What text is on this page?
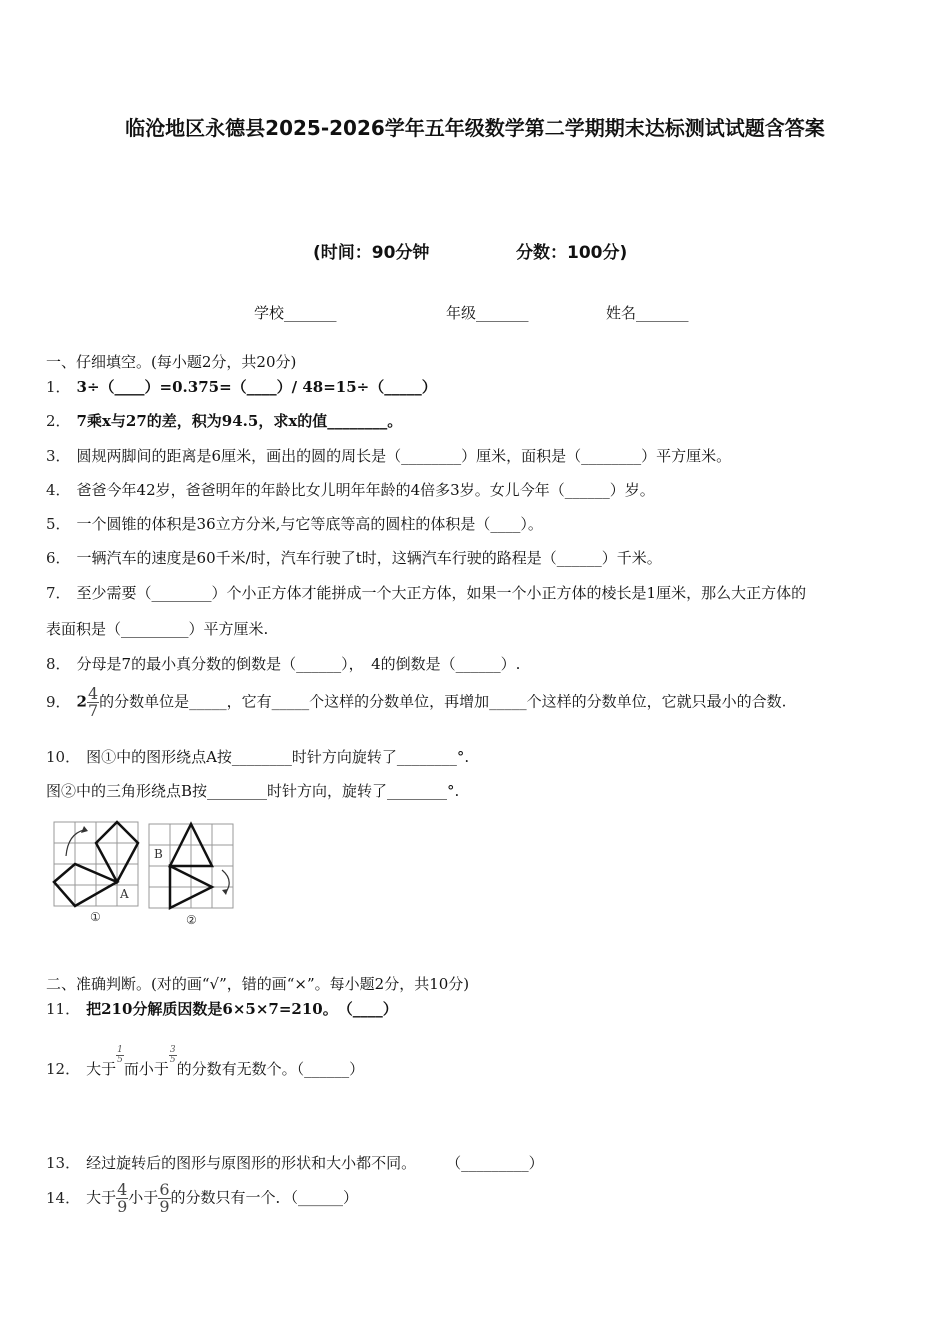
临沧地区永德县2025-2026学年五年级数学第二学期期末达标测试试题含答案
(时间：90分钟	分数：100分)
学校_______	年级_______	姓名_______
一、仔细填空。(每小题2分，共20分)
1． 3÷（____）=0.375=（____）/ 48=15÷（_____）
2． 7乘x与27的差，积为94.5，求x的值________。
3． 圆规两脚间的距离是6厘米，画出的圆的周长是（________）厘米，面积是（________）平方厘米。
4． 爸爸今年42岁，爸爸明年的年龄比女儿明年年龄的4倍多3岁。女儿今年（______）岁。
5． 一个圆锥的体积是36立方分米,与它等底等高的圆柱的体积是（____）。
6． 一辆汽车的速度是60千米/时，汽车行驶了t时，这辆汽车行驶的路程是（______）千米。
7． 至少需要（________）个小正方体才能拼成一个大正方体，如果一个小正方体的棱长是1厘米，那么大正方体的
表面积是（_________）平方厘米.
8． 分母是7的最小真分数的倒数是（______），　4的倒数是（______）.
9． $2 \frac{4}{7}$ 的分数单位是_____，它有_____个这样的分数单位，再增加_____个这样的分数单位，它就只最小的合数.
10． 图①中的图形绕点A按________时针方向旋转了________°.
图②中的三角形绕点B按________时针方向，旋转了________°.
A
①
B
②
二、准确判断。(对的画“√”，错的画“×”。每小题2分，共10分)
11． 把210分解质因数是6×5×7=210。　（____）
12． 大于
$\frac{1}{5}$
而小于
$\frac{3}{5}$
的分数有无数个。（______）
13． 经过旋转后的图形与原图形的形状和大小都不同。　　　（_________）
14． 大于 $\frac{4}{9}$ 小于 $\frac{6}{9}$ 的分数只有一个．（______）
